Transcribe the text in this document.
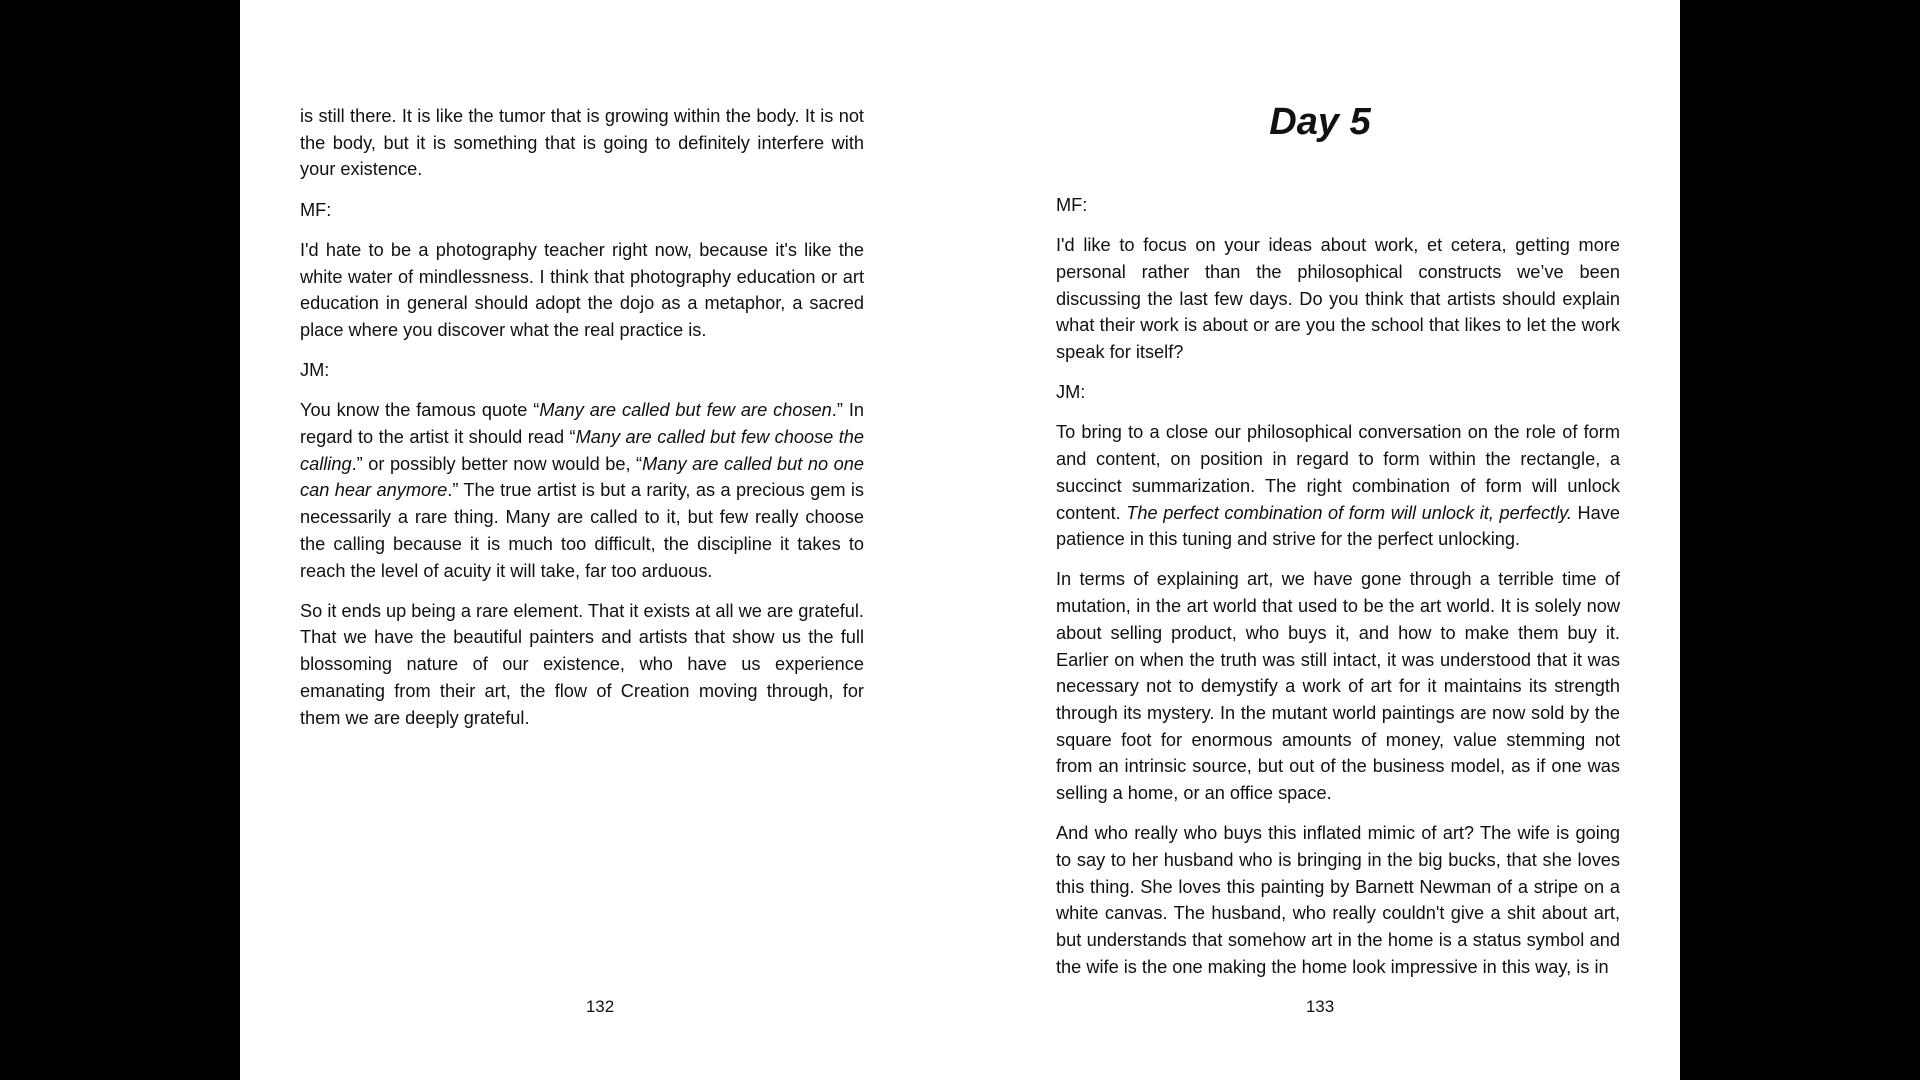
is still there. It is like the tumor that is growing within the body. It is not the body, but it is something that is going to definitely interfere with your existence.

MF:

I'd hate to be a photography teacher right now, because it's like the white water of mindlessness. I think that photography education or art education in general should adopt the dojo as a metaphor, a sacred place where you discover what the real practice is.

JM:

You know the famous quote “Many are called but few are chosen.” In regard to the artist it should read “Many are called but few choose the calling.” or possibly better now would be, “Many are called but no one can hear anymore.” The true artist is but a rarity, as a precious gem is necessarily a rare thing. Many are called to it, but few really choose the calling because it is much too difficult, the discipline it takes to reach the level of acuity it will take, far too arduous.

So it ends up being a rare element. That it exists at all we are grateful. That we have the beautiful painters and artists that show us the full blossoming nature of our existence, who have us experience emanating from their art, the flow of Creation moving through, for them we are deeply grateful.

132
Day 5

MF:

I'd like to focus on your ideas about work, et cetera, getting more personal rather than the philosophical constructs we’ve been discussing the last few days. Do you think that artists should explain what their work is about or are you the school that likes to let the work speak for itself?

JM:

To bring to a close our philosophical conversation on the role of form and content, on position in regard to form within the rectangle, a succinct summarization. The right combination of form will unlock content. The perfect combination of form will unlock it, perfectly. Have patience in this tuning and strive for the perfect unlocking.

In terms of explaining art, we have gone through a terrible time of mutation, in the art world that used to be the art world. It is solely now about selling product, who buys it, and how to make them buy it. Earlier on when the truth was still intact, it was understood that it was necessary not to demystify a work of art for it maintains its strength through its mystery. In the mutant world paintings are now sold by the square foot for enormous amounts of money, value stemming not from an intrinsic source, but out of the business model, as if one was selling a home, or an office space.

And who really who buys this inflated mimic of art? The wife is going to say to her husband who is bringing in the big bucks, that she loves this thing. She loves this painting by Barnett Newman of a stripe on a white canvas. The husband, who really couldn't give a shit about art, but understands that somehow art in the home is a status symbol and the wife is the one making the home look impressive in this way, is in

133
